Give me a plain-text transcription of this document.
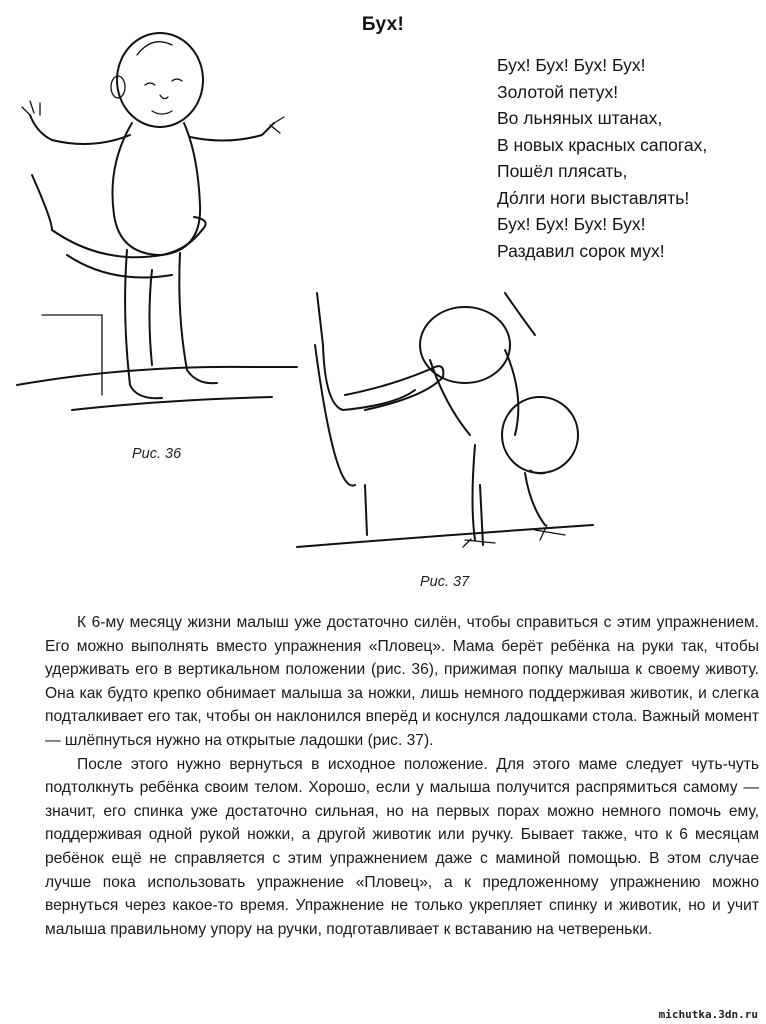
Бух!
Бух! Бух! Бух! Бух!
Золотой петух!
Во льняных штанах,
В новых красных сапогах,
Пошёл плясать,
До́лги ноги выставлять!
Бух! Бух! Бух! Бух!
Раздавил сорок мух!
Рис. 36
Рис. 37

К 6-му месяцу жизни малыш уже достаточно силён, чтобы справиться с этим упражнением. Его можно выполнять вместо упражнения «Пловец». Мама берёт ребёнка на руки так, чтобы удерживать его в вертикальном положении (рис. 36), прижимая попку малыша к своему животу. Она как будто крепко обнимает малыша за ножки, лишь немного поддерживая животик, и слегка подталкивает его так, чтобы он наклонился вперёд и коснулся ладошками стола. Важный момент — шлёпнуться нужно на открытые ладошки (рис. 37).

После этого нужно вернуться в исходное положение. Для этого маме следует чуть-чуть подтолкнуть ребёнка своим телом. Хорошо, если у малыша получится распрямиться самому — значит, его спинка уже достаточно сильная, но на первых порах можно немного помочь ему, поддерживая одной рукой ножки, а другой животик или ручку. Бывает также, что к 6 месяцам ребёнок ещё не справляется с этим упражнением даже с маминой помощью. В этом случае лучше пока использовать упражнение «Пловец», а к предложенному упражнению можно вернуться через какое-то время. Упражнение не только укрепляет спинку и животик, но и учит малыша правильному упору на ручки, подготавливает к вставанию на четвереньки.

michutka.3dn.ru
